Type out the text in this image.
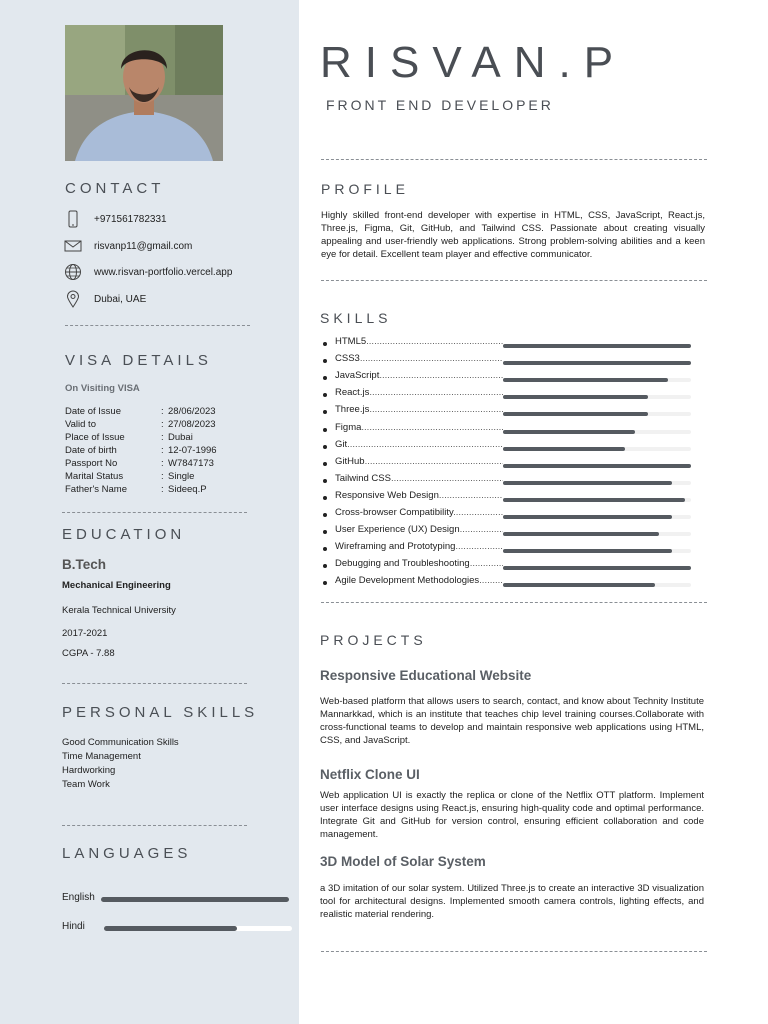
CONTACT
+971561782331
risvanp11@gmail.com
www.risvan-portfolio.vercel.app
Dubai, UAE
VISA DETAILS
On Visiting VISA
Date of Issue	: 28/06/2023
Valid to	: 27/08/2023
Place of Issue	: Dubai
Date of birth	: 12-07-1996
Passport No	: W7847173
Marital Status	: Single
Father's Name	: Sideeq.P
EDUCATION
B.Tech
Mechanical Engineering
Kerala Technical University
2017-2021
CGPA - 7.88
PERSONAL SKILLS
Good Communication Skills
Time Management
Hardworking
Team Work
LANGUAGES
English
Hindi
RISVAN.P
FRONT END DEVELOPER
PROFILE
Highly skilled front-end developer with expertise in HTML, CSS, JavaScript, React.js, Three.js, Figma, Git, GitHub, and Tailwind CSS. Passionate about creating visually appealing and user-friendly web applications. Strong problem-solving abilities and a keen eye for detail. Excellent team player and effective communicator.
SKILLS
HTML5 .....
CSS3 .....
JavaScript .....
React.js .....
Three.js .....
Figma .....
Git .....
GitHub .....
Tailwind CSS .....
Responsive Web Design .....
Cross-browser Compatibility .....
User Experience (UX) Design .....
Wireframing and Prototyping .....
Debugging and Troubleshooting .....
Agile Development Methodologies .....
PROJECTS
Responsive Educational Website
Web-based platform that allows users to search, contact, and know about Technity Institute Mannarkkad, which is an institute that teaches chip level training courses.Collaborate with cross-functional teams to develop and maintain responsive web applications using HTML, CSS, and JavaScript.
Netflix Clone UI
Web application UI is exactly the replica or clone of the Netflix OTT platform. Implement user interface designs using React.js, ensuring high-quality code and optimal performance. Integrate Git and GitHub for version control, ensuring efficient collaboration and code management.
3D Model of Solar System
a 3D imitation of our solar system. Utilized Three.js to create an interactive 3D visualization tool for architectural designs. Implemented smooth camera controls, lighting effects, and realistic material rendering.
